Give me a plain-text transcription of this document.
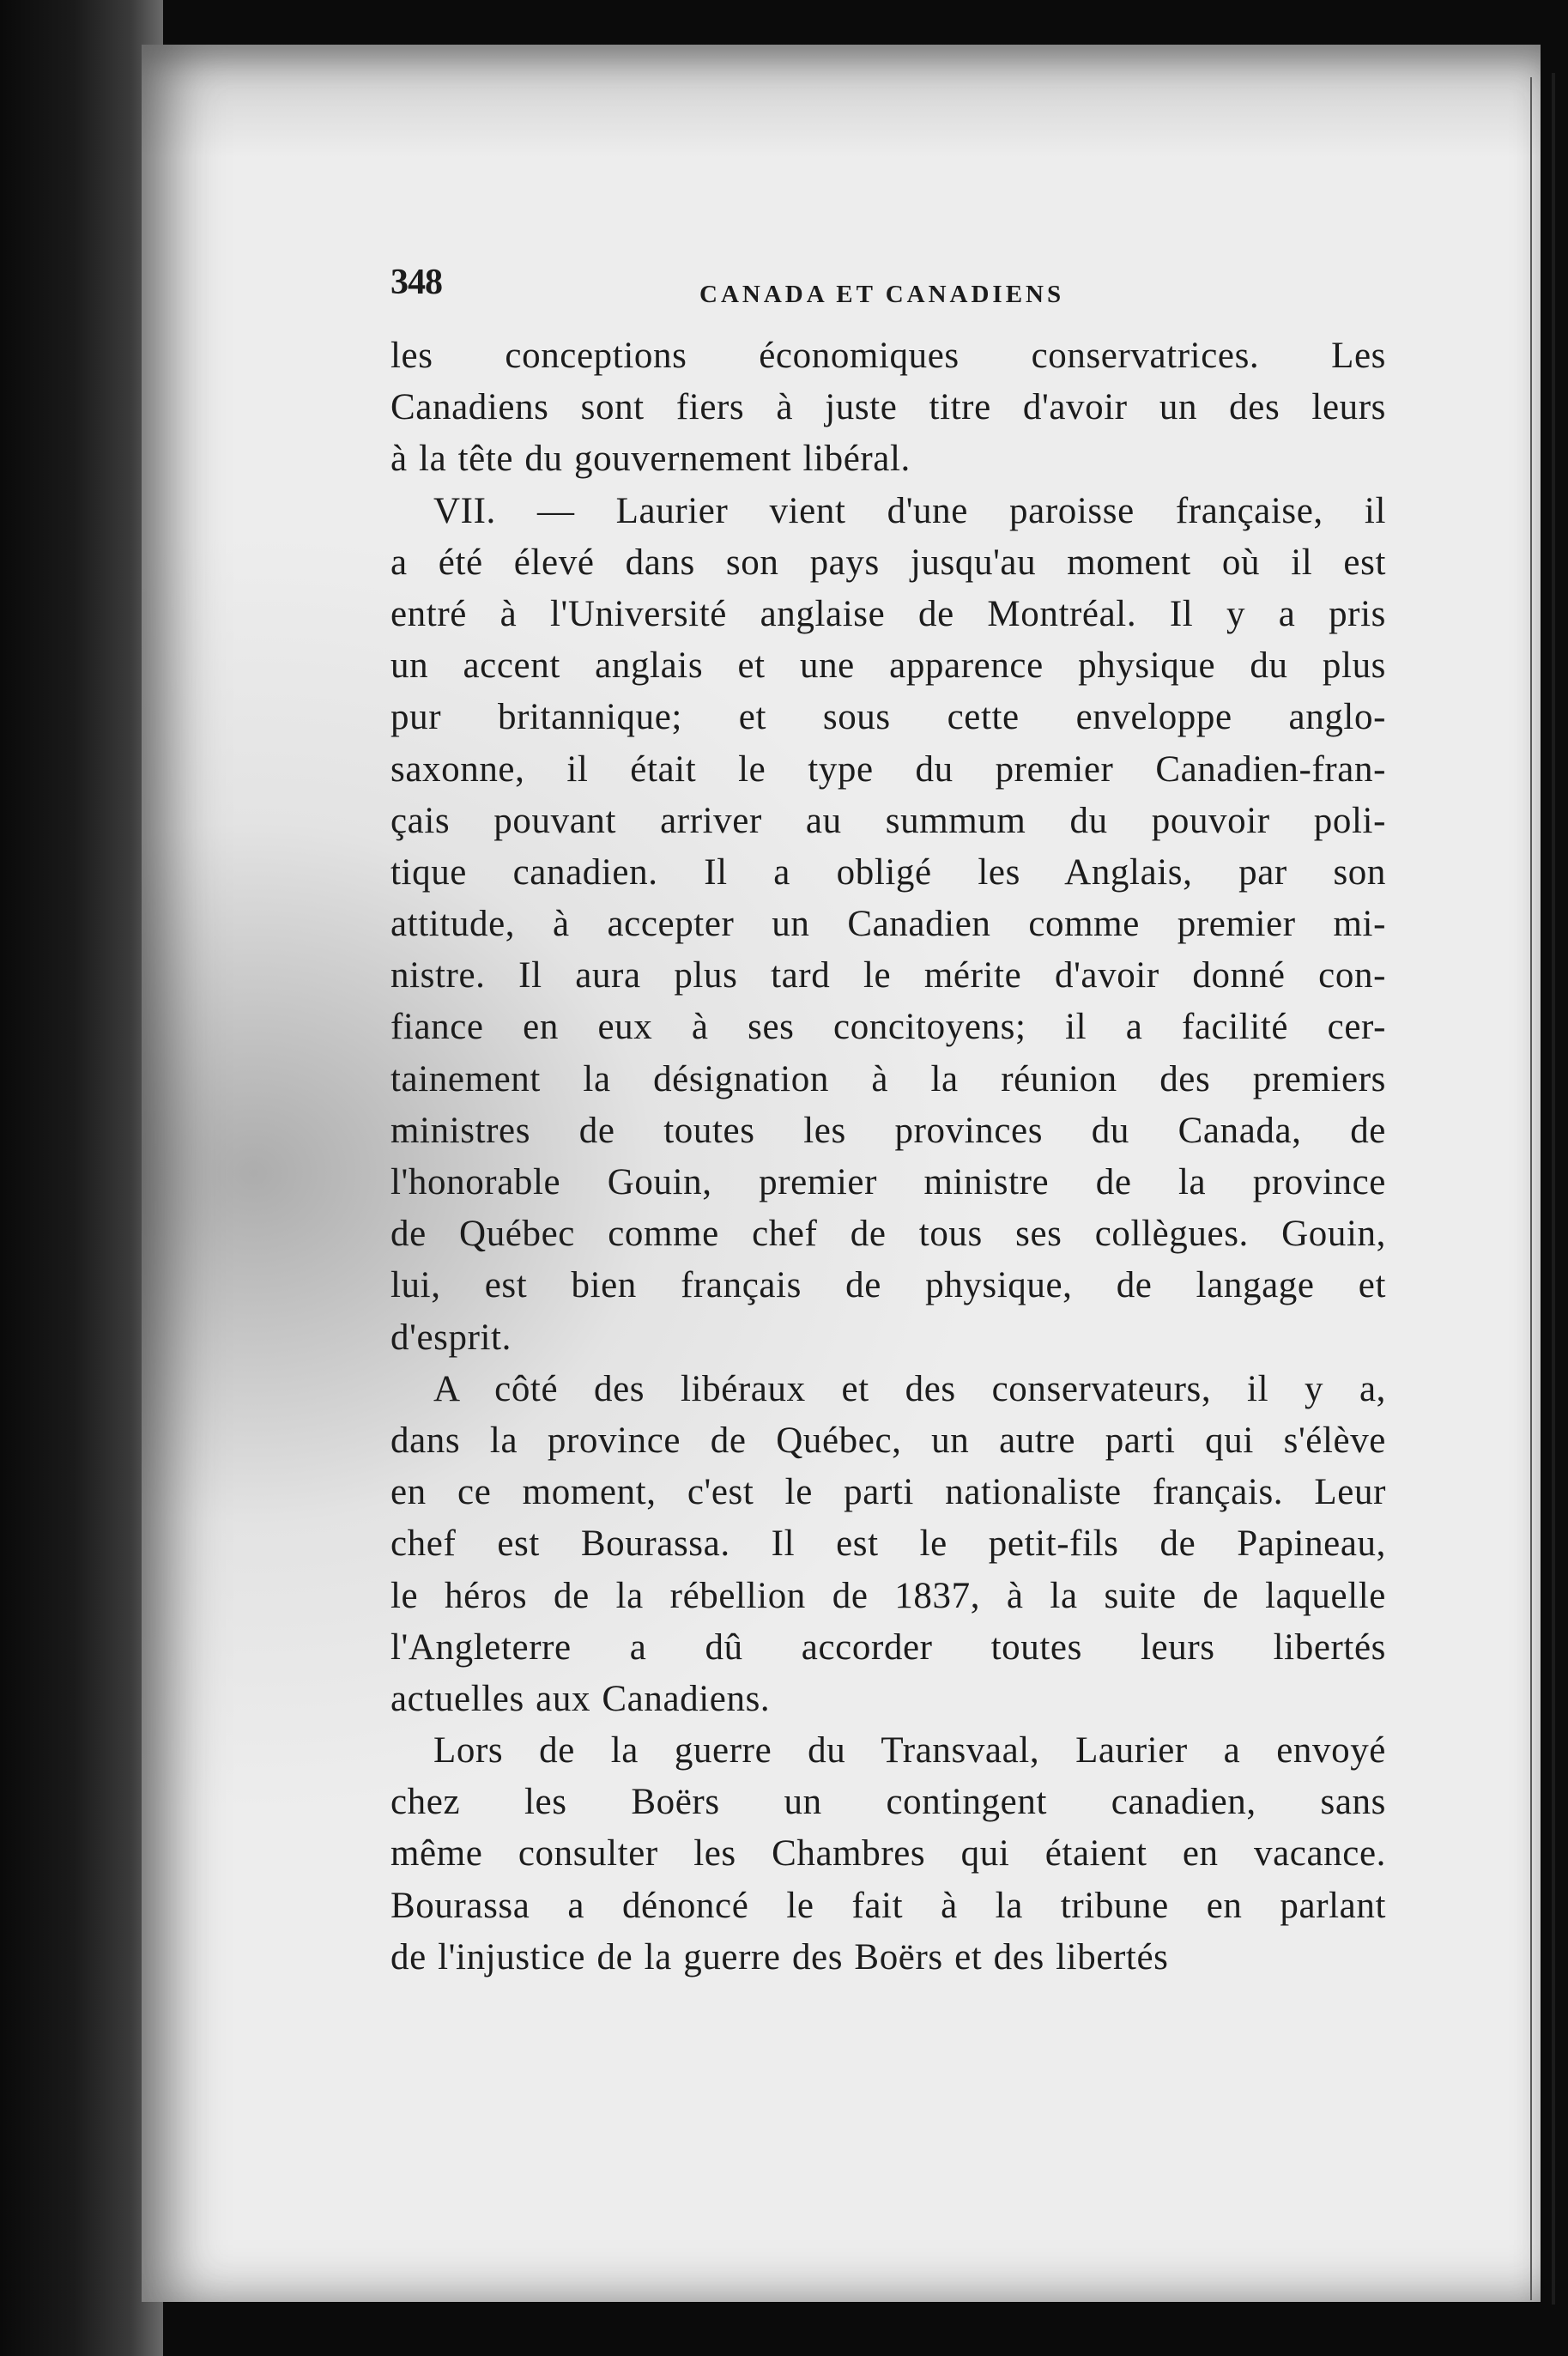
348	CANADA ET CANADIENS
les conceptions économiques conservatrices. Les
Canadiens sont fiers à juste titre d'avoir un des leurs
à la tête du gouvernement libéral.
VII. — Laurier vient d'une paroisse française, il
a été élevé dans son pays jusqu'au moment où il est
entré à l'Université anglaise de Montréal. Il y a pris
un accent anglais et une apparence physique du plus
pur britannique; et sous cette enveloppe anglo-
saxonne, il était le type du premier Canadien-fran-
çais pouvant arriver au summum du pouvoir poli-
tique canadien. Il a obligé les Anglais, par son
attitude, à accepter un Canadien comme premier mi-
nistre. Il aura plus tard le mérite d'avoir donné con-
fiance en eux à ses concitoyens; il a facilité cer-
tainement la désignation à la réunion des premiers
ministres de toutes les provinces du Canada, de
l'honorable Gouin, premier ministre de la province
de Québec comme chef de tous ses collègues. Gouin,
lui, est bien français de physique, de langage et
d'esprit.
A côté des libéraux et des conservateurs, il y a,
dans la province de Québec, un autre parti qui s'élève
en ce moment, c'est le parti nationaliste français. Leur
chef est Bourassa. Il est le petit-fils de Papineau,
le héros de la rébellion de 1837, à la suite de laquelle
l'Angleterre a dû accorder toutes leurs libertés
actuelles aux Canadiens.
Lors de la guerre du Transvaal, Laurier a envoyé
chez les Boërs un contingent canadien, sans
même consulter les Chambres qui étaient en vacance.
Bourassa a dénoncé le fait à la tribune en parlant
de l'injustice de la guerre des Boërs et des libertés
